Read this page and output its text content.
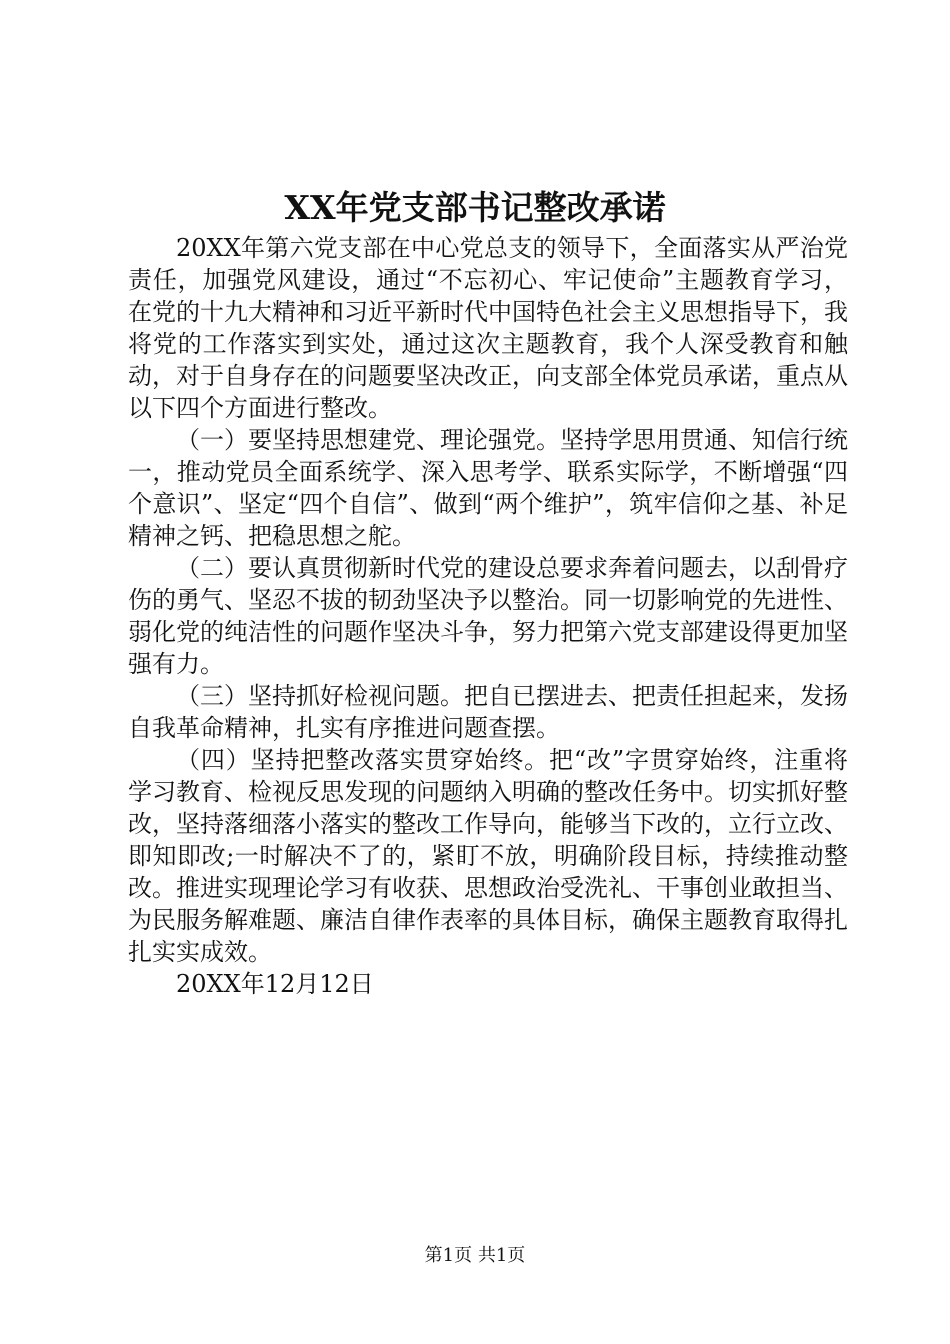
XX年党支部书记整改承诺

20XX年第六党支部在中心党总支的领导下，全面落实从严治党责任，加强党风建设，通过“不忘初心、牢记使命”主题教育学习，在党的十九大精神和习近平新时代中国特色社会主义思想指导下，我将党的工作落实到实处，通过这次主题教育，我个人深受教育和触动，对于自身存在的问题要坚决改正，向支部全体党员承诺，重点从以下四个方面进行整改。

（一）要坚持思想建党、理论强党。坚持学思用贯通、知信行统一，推动党员全面系统学、深入思考学、联系实际学，不断增强“四个意识”、坚定“四个自信”、做到“两个维护”，筑牢信仰之基、补足精神之钙、把稳思想之舵。

（二）要认真贯彻新时代党的建设总要求奔着问题去，以刮骨疗伤的勇气、坚忍不拔的韧劲坚决予以整治。同一切影响党的先进性、弱化党的纯洁性的问题作坚决斗争，努力把第六党支部建设得更加坚强有力。

（三）坚持抓好检视问题。把自已摆进去、把责任担起来，发扬自我革命精神，扎实有序推进问题查摆。

（四）坚持把整改落实贯穿始终。把“改”字贯穿始终，注重将学习教育、检视反思发现的问题纳入明确的整改任务中。切实抓好整改，坚持落细落小落实的整改工作导向，能够当下改的，立行立改、即知即改;一时解决不了的，紧盯不放，明确阶段目标，持续推动整改。推进实现理论学习有收获、思想政治受洗礼、干事创业敢担当、为民服务解难题、廉洁自律作表率的具体目标，确保主题教育取得扎扎实实成效。

20XX年12月12日

第1页 共1页
